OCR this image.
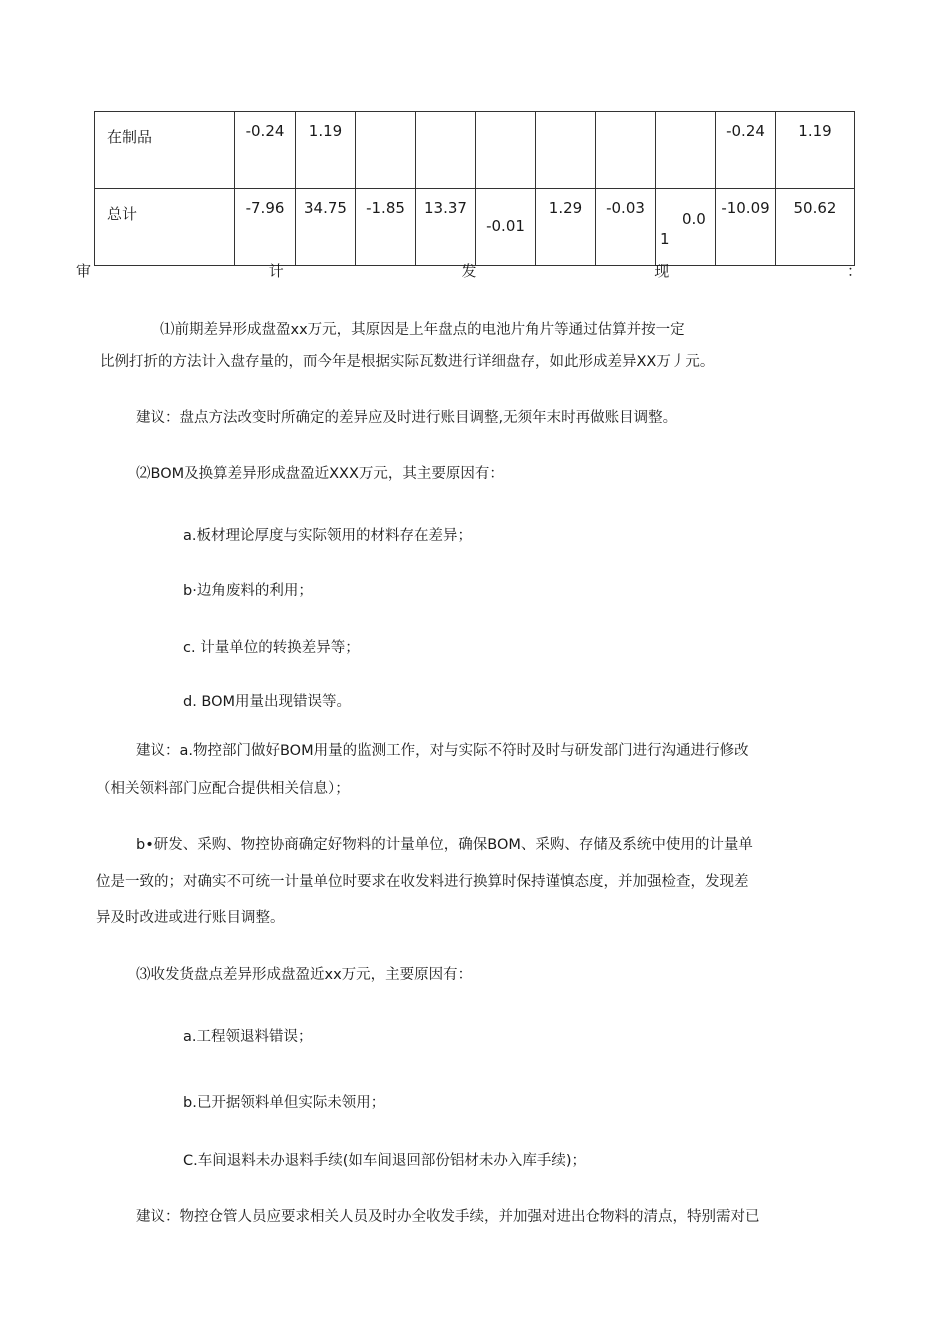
在制品	-0.24	1.19							-0.24	1.19
总计	-7.96	34.75	-1.85	13.37	-0.01	1.29	-0.03	0.01	-10.09	50.62
审	计	发	现	：
⑴前期差异形成盘盈xx万元，其原因是上年盘点的电池片角片等通过估算并按一定
比例打折的方法计入盘存量的，而今年是根据实际瓦数进行详细盘存，如此形成差异XX万丿元。
建议：盘点方法改变时所确定的差异应及时进行账目调整,无须年末时再做账目调整。
⑵BOM及换算差异形成盘盈近XXX万元，其主要原因有：
a.板材理论厚度与实际领用的材料存在差异；
b·边角废料的利用；
c. 计量单位的转换差异等；
d. BOM用量出现错误等。
建议：a.物控部门做好BOM用量的监测工作，对与实际不符时及时与研发部门进行沟通进行修改
（相关领料部门应配合提供相关信息）；
b•研发、采购、物控协商确定好物料的计量单位，确保BOM、采购、存储及系统中使用的计量单
位是一致的；对确实不可统一计量单位时要求在收发料进行换算时保持谨慎态度，并加强检查，发现差
异及时改进或进行账目调整。
⑶收发货盘点差异形成盘盈近xx万元，主要原因有：
a.工程领退料错误；
b.已开据领料单但实际未领用；
C.车间退料未办退料手续(如车间退回部份铝材未办入库手续)；
建议：物控仓管人员应要求相关人员及时办全收发手续，并加强对进出仓物料的清点，特别需对已
